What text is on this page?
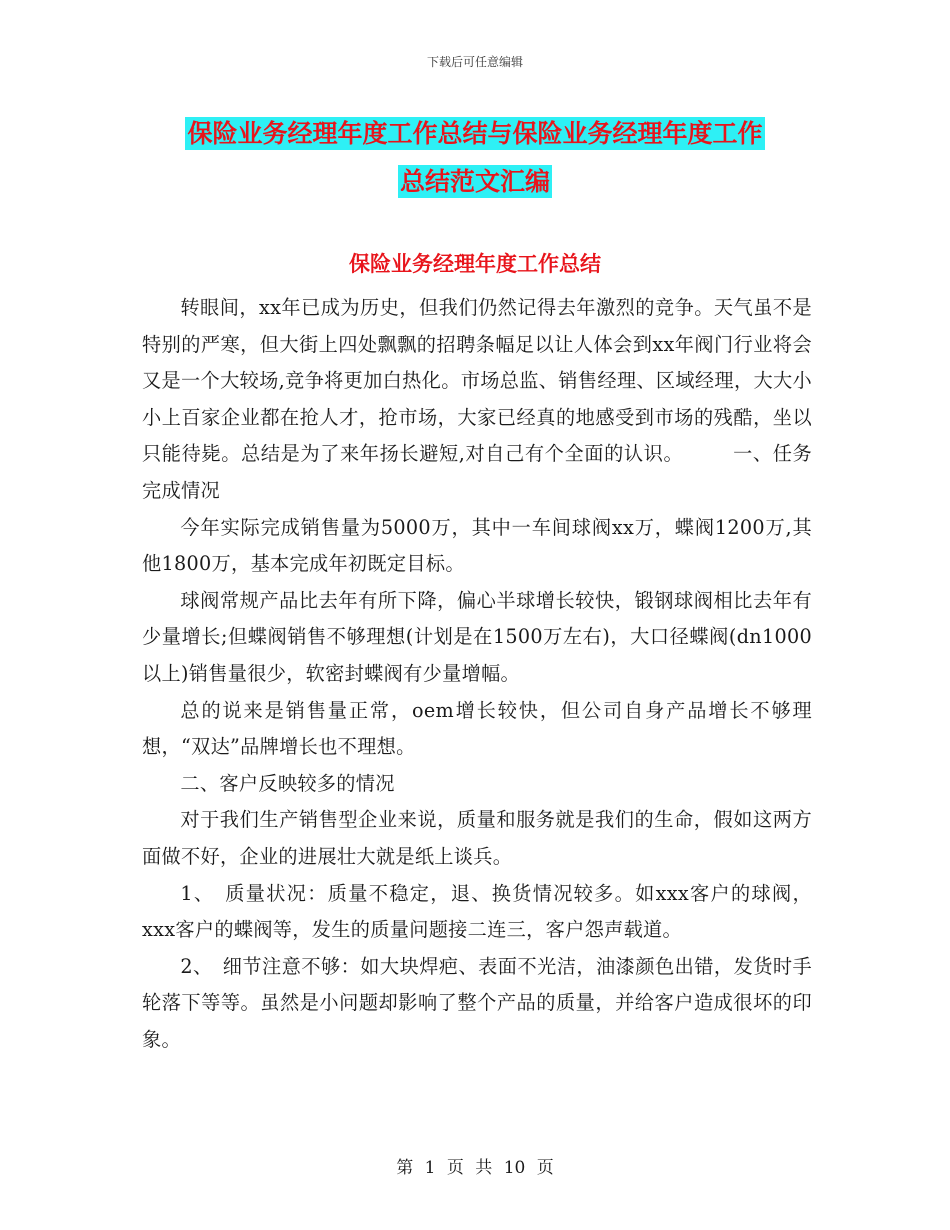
下载后可任意编辑
保险业务经理年度工作总结与保险业务经理年度工作
总结范文汇编
保险业务经理年度工作总结

转眼间，xx年已成为历史，但我们仍然记得去年激烈的竞争。天气虽不是特别的严寒，但大街上四处飘飘的招聘条幅足以让人体会到xx年阀门行业将会又是一个大较场,竞争将更加白热化。市场总监、销售经理、区域经理，大大小小上百家企业都在抢人才，抢市场，大家已经真的地感受到市场的残酷，坐以只能待毙。总结是为了来年扬长避短,对自己有个全面的认识。　　　一、任务完成情况

今年实际完成销售量为5000万，其中一车间球阀xx万，蝶阀1200万,其他1800万，基本完成年初既定目标。

球阀常规产品比去年有所下降，偏心半球增长较快，锻钢球阀相比去年有少量增长;但蝶阀销售不够理想(计划是在1500万左右)，大口径蝶阀(dn1000以上)销售量很少，软密封蝶阀有少量增幅。

总的说来是销售量正常，oem增长较快，但公司自身产品增长不够理想，“双达”品牌增长也不理想。

二、客户反映较多的情况

对于我们生产销售型企业来说，质量和服务就是我们的生命，假如这两方面做不好，企业的进展壮大就是纸上谈兵。

1、　质量状况：质量不稳定，退、换货情况较多。如xxx客户的球阀，xxx客户的蝶阀等，发生的质量问题接二连三，客户怨声载道。

2、　细节注意不够：如大块焊疤、表面不光洁，油漆颜色出错，发货时手轮落下等等。虽然是小问题却影响了整个产品的质量，并给客户造成很坏的印象。

第 1 页 共 10 页
